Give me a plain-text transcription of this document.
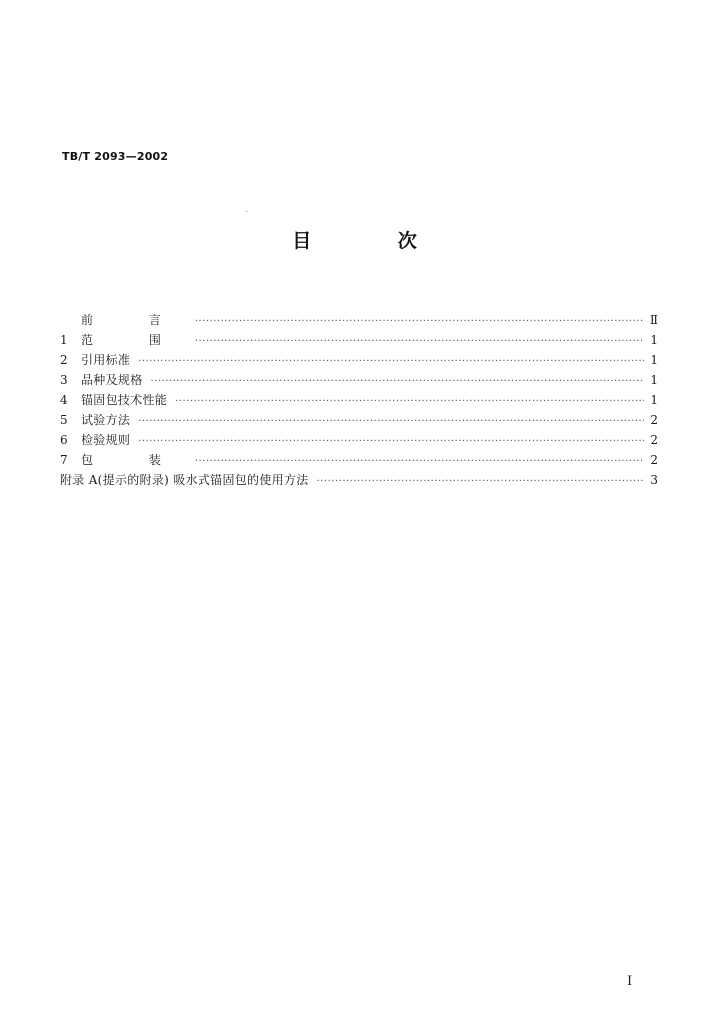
TB/T 2093—2002
目 次
前 言 ·····	Ⅱ
1	范 围 ·····	1
2	引用标准 ·····	1
3	品种及规格 ·····	1
4	锚固包技术性能 ·····	1
5	试验方法 ·····	2
6	检验规则 ·····	2
7	包 装 ·····	2
附录 A(提示的附录) 吸水式锚固包的使用方法 ·····	3
Ⅰ
